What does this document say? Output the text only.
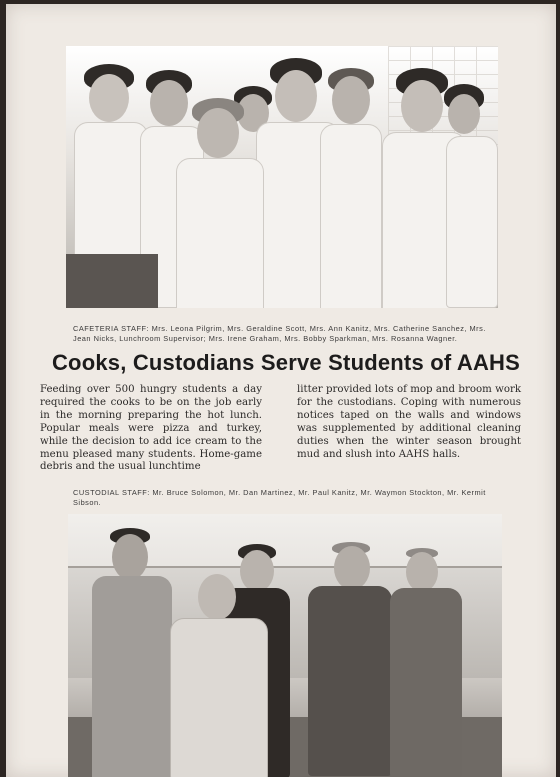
CAFETERIA STAFF: Mrs. Leona Pilgrim, Mrs. Geraldine Scott, Mrs. Ann Kanitz, Mrs. Catherine Sanchez, Mrs. Jean Nicks, Lunchroom Supervisor; Mrs. Irene Graham, Mrs. Bobby Sparkman, Mrs. Rosanna Wagner.
Cooks, Custodians Serve Students of AAHS
Feeding over 500 hungry students a day required the cooks to be on the job early in the morning preparing the hot lunch. Popular meals were pizza and turkey, while the decision to add ice cream to the menu pleased many students. Home-game debris and the usual lunchtime
litter provided lots of mop and broom work for the custodians. Coping with numerous notices taped on the walls and windows was supplemented by additional cleaning duties when the winter season brought mud and slush into AAHS halls.
CUSTODIAL STAFF: Mr. Bruce Solomon, Mr. Dan Martinez, Mr. Paul Kanitz, Mr. Waymon Stockton, Mr. Kermit Sibson.
